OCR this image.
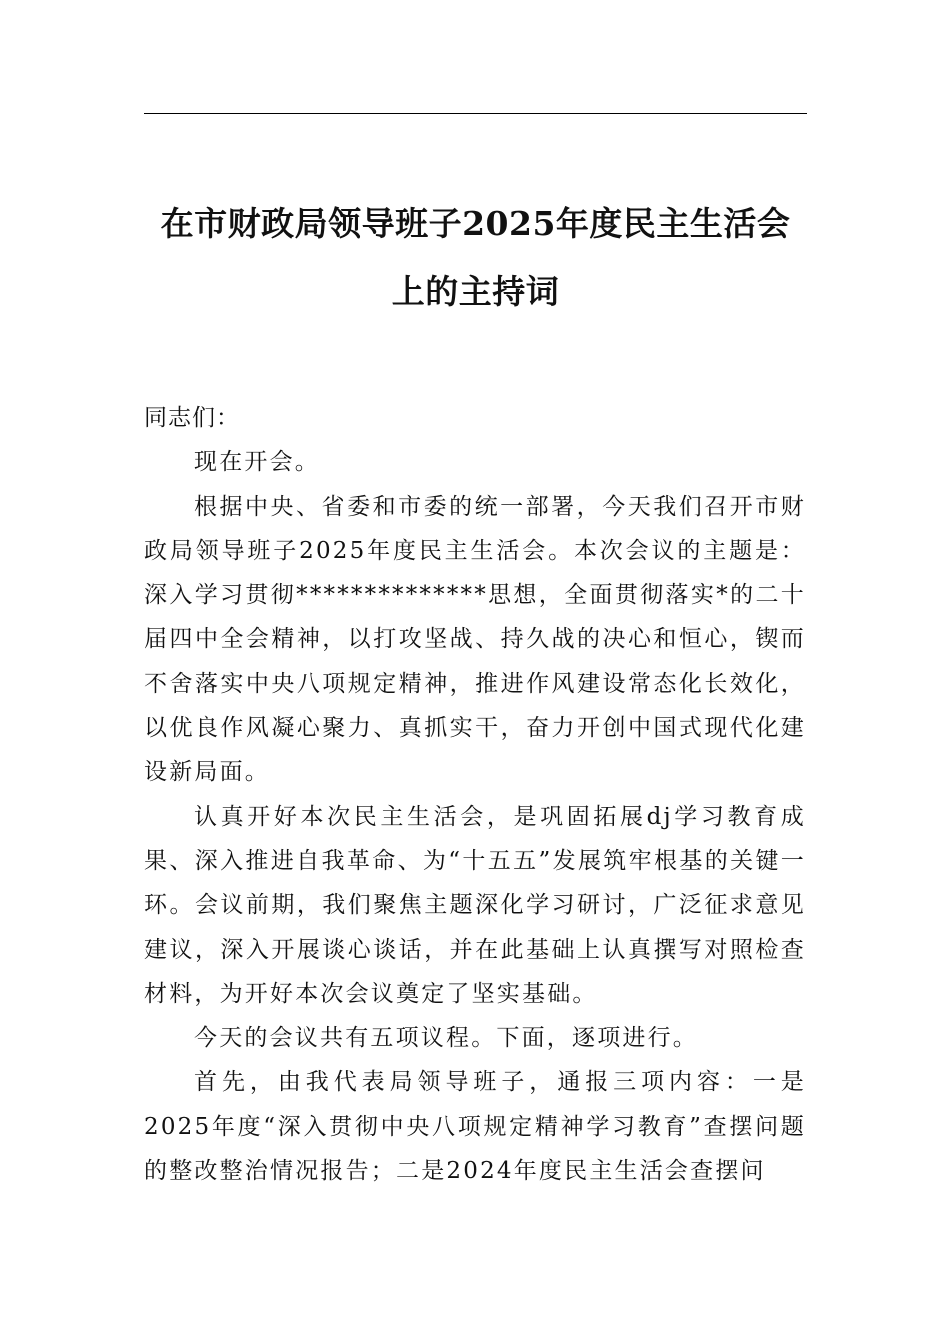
在市财政局领导班子2025年度民主生活会
上的主持词

同志们：

现在开会。

根据中央、省委和市委的统一部署，今天我们召开市财政局领导班子2025年度民主生活会。本次会议的主题是：深入学习贯彻**************思想，全面贯彻落实*的二十届四中全会精神，以打攻坚战、持久战的决心和恒心，锲而不舍落实中央八项规定精神，推进作风建设常态化长效化，以优良作风凝心聚力、真抓实干，奋力开创中国式现代化建设新局面。

认真开好本次民主生活会，是巩固拓展dj学习教育成果、深入推进自我革命、为“十五五”发展筑牢根基的关键一环。会议前期，我们聚焦主题深化学习研讨，广泛征求意见建议，深入开展谈心谈话，并在此基础上认真撰写对照检查材料，为开好本次会议奠定了坚实基础。

今天的会议共有五项议程。下面，逐项进行。

首先，由我代表局领导班子，通报三项内容：一是2025年度“深入贯彻中央八项规定精神学习教育”查摆问题的整改整治情况报告；二是2024年度民主生活会查摆问
